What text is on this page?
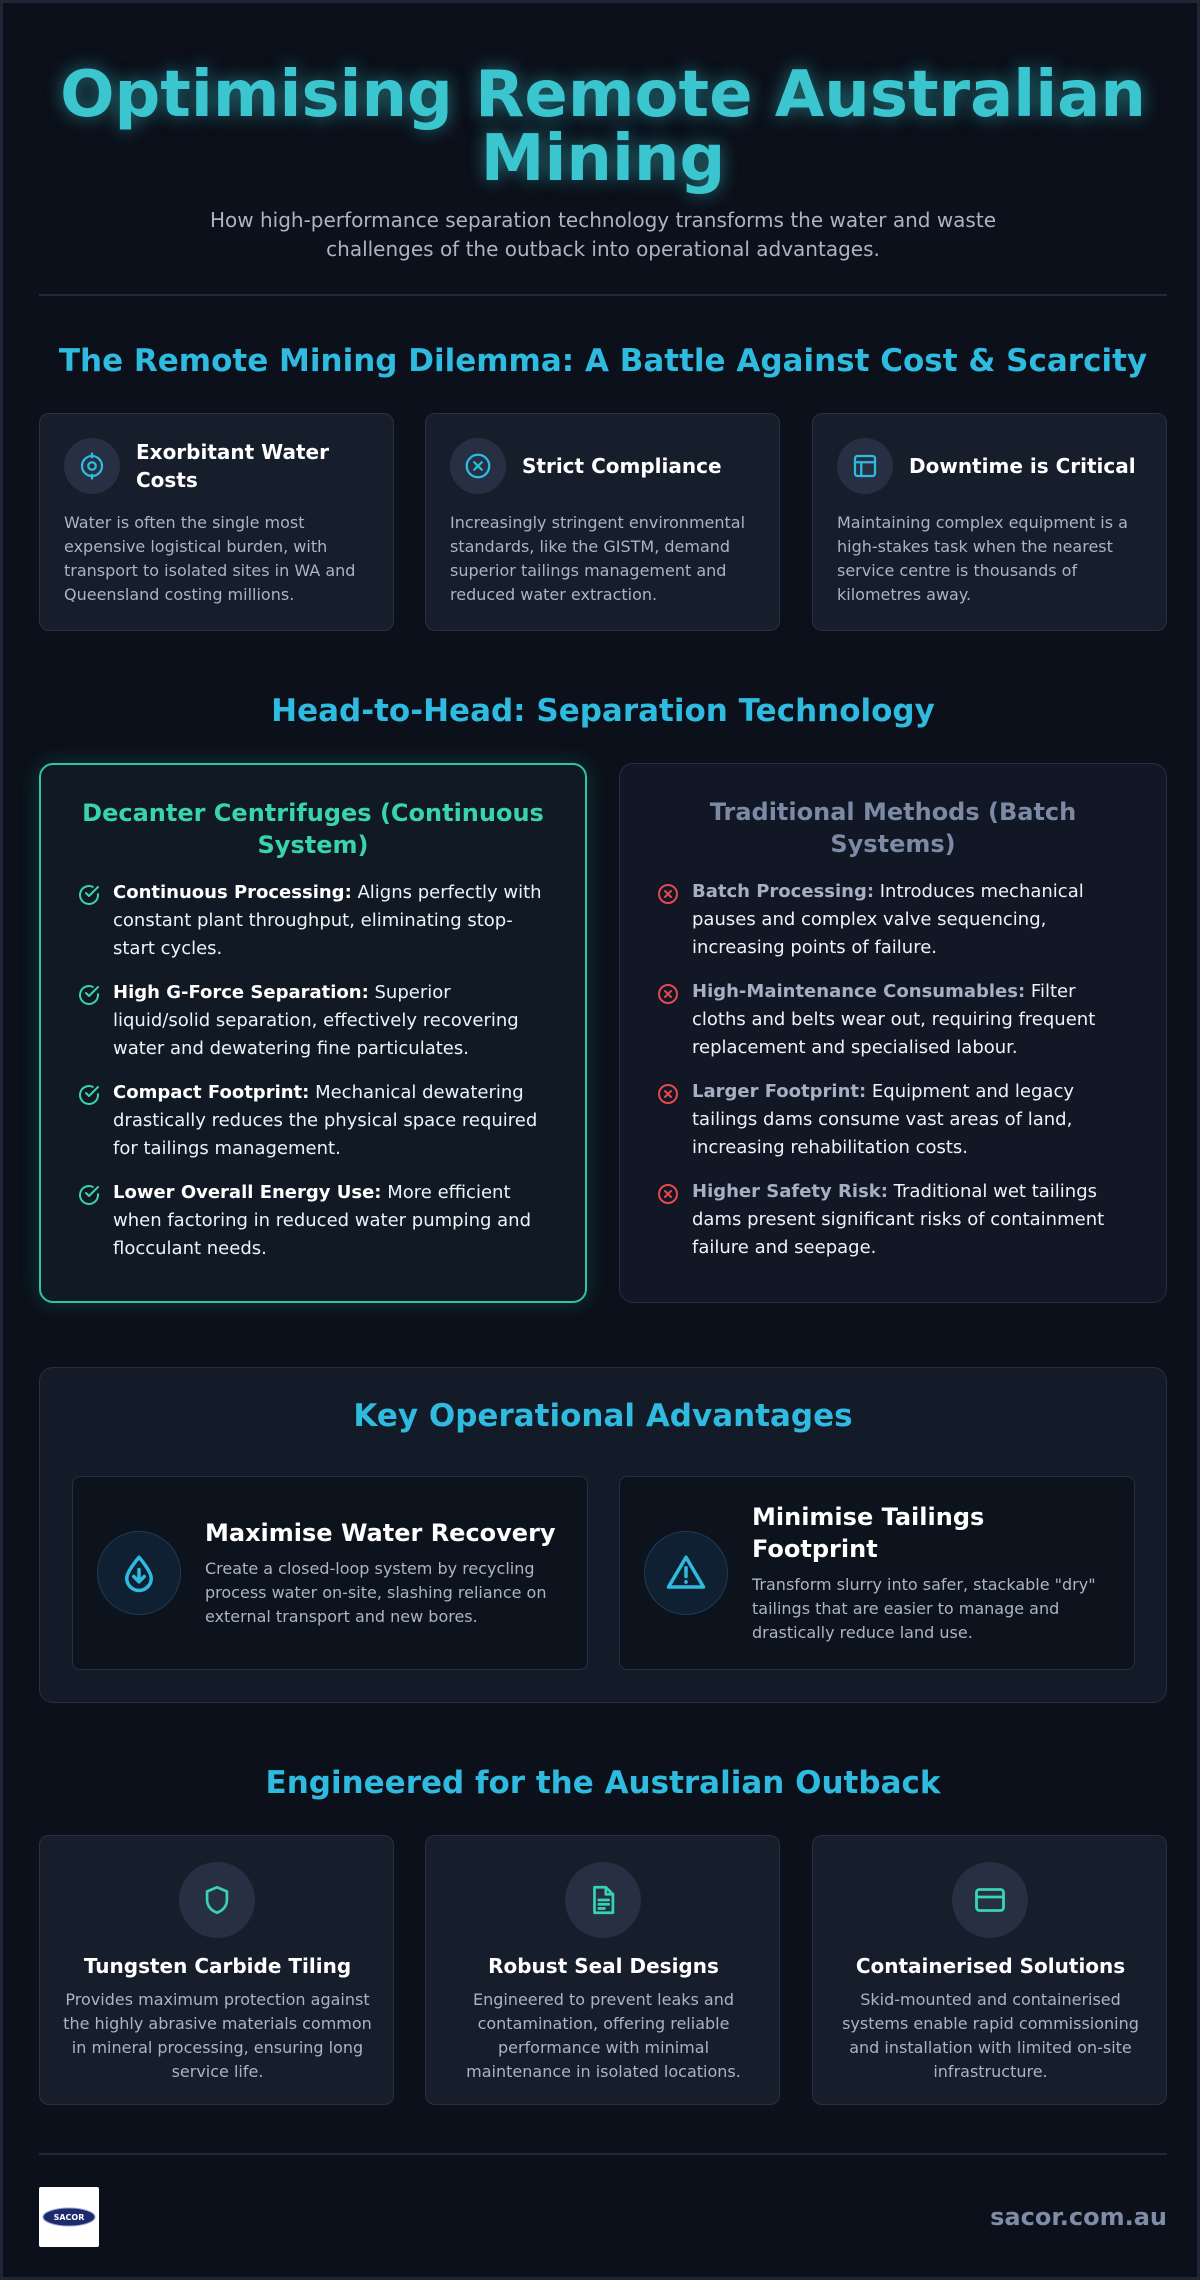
Optimising Remote Australian Mining

How high-performance separation technology transforms the water and waste challenges of the outback into operational advantages.

The Remote Mining Dilemma: A Battle Against Cost & Scarcity
Exorbitant Water Costs

Water is often the single most expensive logistical burden, with transport to isolated sites in WA and Queensland costing millions.

Strict Compliance

Increasingly stringent environmental standards, like the GISTM, demand superior tailings management and reduced water extraction.

Downtime is Critical

Maintaining complex equipment is a high-stakes task when the nearest service centre is thousands of kilometres away.

Head-to-Head: Separation Technology
Decanter Centrifuges (Continuous System)
Continuous Processing: Aligns perfectly with constant plant throughput, eliminating stop-start cycles.
High G-Force Separation: Superior liquid/solid separation, effectively recovering water and dewatering fine particulates.
Compact Footprint: Mechanical dewatering drastically reduces the physical space required for tailings management.
Lower Overall Energy Use: More efficient when factoring in reduced water pumping and flocculant needs.
Traditional Methods (Batch Systems)
Batch Processing: Introduces mechanical pauses and complex valve sequencing, increasing points of failure.
High-Maintenance Consumables: Filter cloths and belts wear out, requiring frequent replacement and specialised labour.
Larger Footprint: Equipment and legacy tailings dams consume vast areas of land, increasing rehabilitation costs.
Higher Safety Risk: Traditional wet tailings dams present significant risks of containment failure and seepage.
Key Operational Advantages
Maximise Water Recovery

Create a closed-loop system by recycling process water on-site, slashing reliance on external transport and new bores.

Minimise Tailings Footprint

Transform slurry into safer, stackable "dry" tailings that are easier to manage and drastically reduce land use.

Engineered for the Australian Outback
Tungsten Carbide Tiling

Provides maximum protection against the highly abrasive materials common in mineral processing, ensuring long service life.

Robust Seal Designs

Engineered to prevent leaks and contamination, offering reliable performance with minimal maintenance in isolated locations.

Containerised Solutions

Skid-mounted and containerised systems enable rapid commissioning and installation with limited on-site infrastructure.

SACOR	sacor.com.au
